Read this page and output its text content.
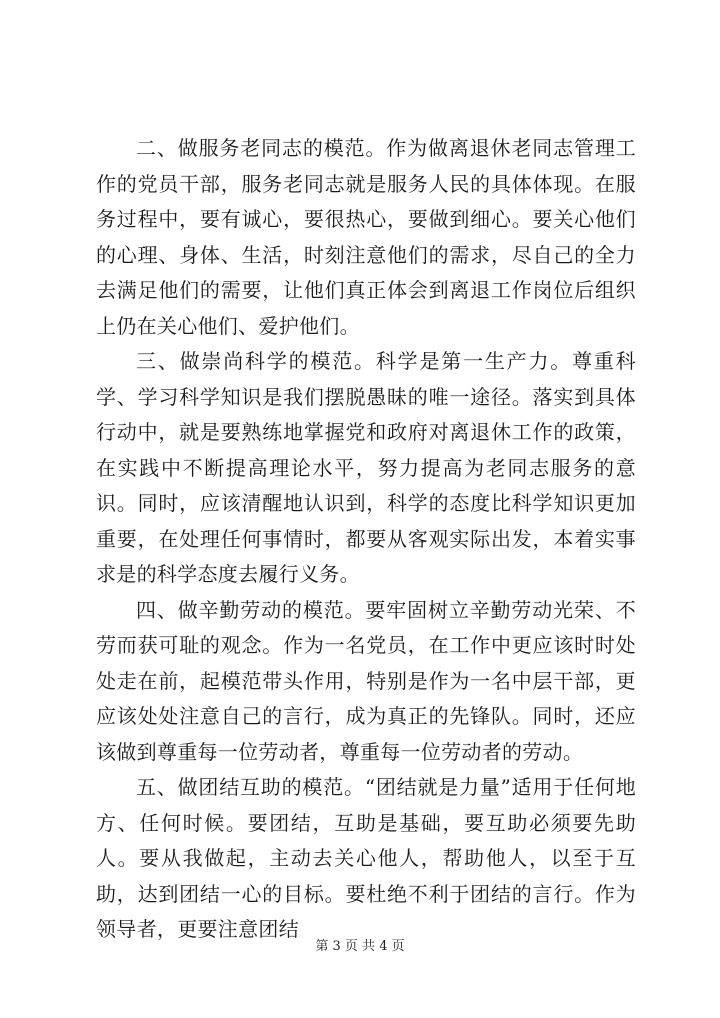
二、做服务老同志的模范。作为做离退休老同志管理工作的党员干部，服务老同志就是服务人民的具体体现。在服务过程中，要有诚心，要很热心，要做到细心。要关心他们的心理、身体、生活，时刻注意他们的需求，尽自己的全力去满足他们的需要，让他们真正体会到离退工作岗位后组织上仍在关心他们、爱护他们。

三、做崇尚科学的模范。科学是第一生产力。尊重科学、学习科学知识是我们摆脱愚昧的唯一途径。落实到具体行动中，就是要熟练地掌握党和政府对离退休工作的政策，在实践中不断提高理论水平，努力提高为老同志服务的意识。同时，应该清醒地认识到，科学的态度比科学知识更加重要，在处理任何事情时，都要从客观实际出发，本着实事求是的科学态度去履行义务。

四、做辛勤劳动的模范。要牢固树立辛勤劳动光荣、不劳而获可耻的观念。作为一名党员，在工作中更应该时时处处走在前，起模范带头作用，特别是作为一名中层干部，更应该处处注意自己的言行，成为真正的先锋队。同时，还应该做到尊重每一位劳动者，尊重每一位劳动者的劳动。

五、做团结互助的模范。“团结就是力量”适用于任何地方、任何时候。要团结，互助是基础，要互助必须要先助人。要从我做起，主动去关心他人，帮助他人，以至于互助，达到团结一心的目标。要杜绝不利于团结的言行。作为领导者，更要注意团结

第 3 页 共 4 页
